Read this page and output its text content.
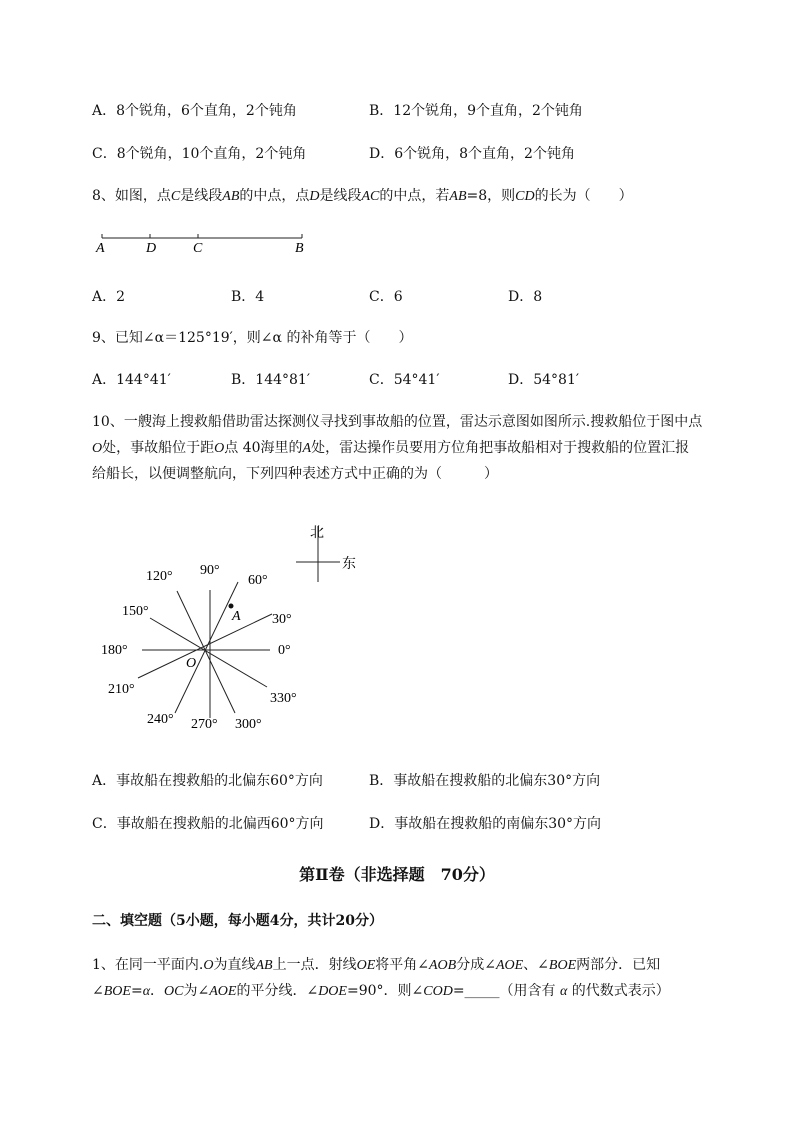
A．8个锐角，6个直角，2个钝角	B．12个锐角，9个直角，2个钝角
C．8个锐角，10个直角，2个钝角	D．6个锐角，8个直角，2个钝角
8、如图，点C是线段AB的中点，点D是线段AC的中点，若AB=8，则CD的长为（　　）
A	D	C	B
A．2	B．4	C．6	D．8
9、已知∠α＝125°19′，则∠α 的补角等于（　　）
A．144°41′	B．144°81′	C．54°41′	D．54°81′
10、一艘海上搜救船借助雷达探测仪寻找到事故船的位置，雷达示意图如图所示.搜救船位于图中点
O处，事故船位于距O点 40海里的A处，雷达操作员要用方位角把事故船相对于搜救船的位置汇报
给船长，以便调整航向，下列四种表述方式中正确的为（　　　）
北
东
A
O
0°
30°
60°
90°
120°
150°
180°
210°
240° 270° 300°
330°
A．事故船在搜救船的北偏东60°方向	B．事故船在搜救船的北偏东30°方向
C．事故船在搜救船的北偏西60°方向	D．事故船在搜救船的南偏东30°方向
第Ⅱ卷（非选择题　70分）
二、填空题（5小题，每小题4分，共计20分）
1、在同一平面内.O为直线AB上一点．射线OE将平角∠AOB分成∠AOE、∠BOE两部分．已知
∠BOE=α．OC为∠AOE的平分线．∠DOE=90°．则∠COD=_____（用含有 α 的代数式表示）
